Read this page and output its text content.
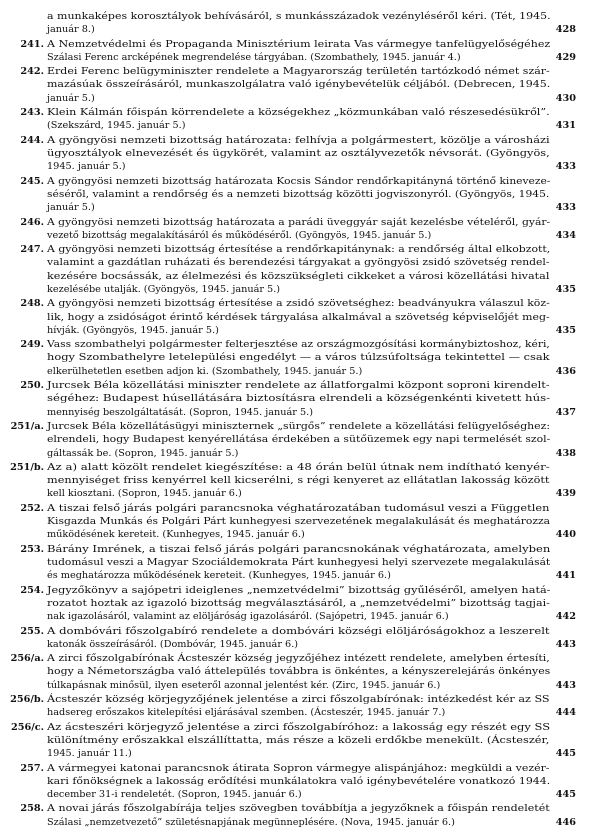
a munkaképes korosztályok behívásáról, s munkásszázadok vezényléséről kéri. (Tét, 1945.
január 8.)	428
241. A Nemzetvédelmi és Propaganda Minisztérium leirata Vas vármegye tanfelügyelőségéhez
Szálasi Ferenc arcképének megrendelése tárgyában. (Szombathely, 1945. január 4.)	429
242. Erdei Ferenc belügyminiszter rendelete a Magyarország területén tartózkodó német szár-
mazásúak összeírásáról, munkaszolgálatra való igénybevételük céljából. (Debrecen, 1945.
január 5.)	430
243. Klein Kálmán főispán körrendelete a községekhez „közmunkában való részesedésükről”.
(Szekszárd, 1945. január 5.)	431
244. A gyöngyösi nemzeti bizottság határozata: felhívja a polgármestert, közölje a városházi
ügyosztályok elnevezését és ügykörét, valamint az osztályvezetők névsorát. (Gyöngyös,
1945. január 5.)	433
245. A gyöngyösi nemzeti bizottság határozata Kocsis Sándor rendőrkapitányná történő kineveze-
séséről, valamint a rendőrség és a nemzeti bizottság közötti jogviszonyról. (Gyöngyös, 1945.
január 5.)	433
246. A gyöngyösi nemzeti bizottság határozata a parádi üveggyár saját kezelésbe vételéről, gyár-
vezető bizottság megalakításáról és működéséről. (Gyöngyös, 1945. január 5.)	434
247. A gyöngyösi nemzeti bizottság értesítése a rendőrkapitánynak: a rendőrség által elkobzott,
valamint a gazdátlan ruházati és berendezési tárgyakat a gyöngyösi zsidó szövetség rendel-
kezésére bocsássák, az élelmezési és közszükségleti cikkeket a városi közellátási hivatal
kezelésébe utalják. (Gyöngyös, 1945. január 5.)	435
248. A gyöngyösi nemzeti bizottság értesítése a zsidó szövetséghez: beadványukra válaszul köz-
lik, hogy a zsidóságot érintő kérdések tárgyalása alkalmával a szövetség képviselőjét meg-
hívják. (Gyöngyös, 1945. január 5.)	435
249. Vass szombathelyi polgármester felterjesztése az országmozgósítási kormánybiztoshoz, kéri,
hogy Szombathelyre letelepülési engedélyt — a város túlzsúfoltsága tekintettel — csak
elkerülhetetlen esetben adjon ki. (Szombathely, 1945. január 5.)	436
250. Jurcsek Béla közellátási miniszter rendelete az állatforgalmi központ soproni kirendelt-
ségéhez: Budapest húsellátására biztosításra elrendeli a községenkénti kivetett hús-
mennyiség beszolgáltatását. (Sopron, 1945. január 5.)	437
251/a. Jurcsek Béla közellátásügyi miniszternek „sürgős” rendelete a közellátási felügyelőséghez:
elrendeli, hogy Budapest kenyérellátása érdekében a sütőüzemek egy napi termelését szol-
gáltassák be. (Sopron, 1945. január 5.)	438
251/b. Az a) alatt közölt rendelet kiegészítése: a 48 órán belül útnak nem indítható kenyér-
mennyiséget friss kenyérrel kell kicserélni, s régi kenyeret az ellátatlan lakosság között
kell kiosztani. (Sopron, 1945. január 6.)	439
252. A tiszai felső járás polgári parancsnoka véghatározatában tudomásul veszi a Független
Kisgazda Munkás és Polgári Párt kunhegyesi szervezetének megalakulását és meghatározza
működésének kereteit. (Kunhegyes, 1945. január 6.)	440
253. Bárány Imrének, a tiszai felső járás polgári parancsnokának véghatározata, amelyben
tudomásul veszi a Magyar Szociáldemokrata Párt kunhegyesi helyi szervezete megalakulását
és meghatározza működésének kereteit. (Kunhegyes, 1945. január 6.)	441
254. Jegyzőkönyv a sajópetri ideiglenes „nemzetvédelmi” bizottság gyűléséről, amelyen hatá-
rozatot hoztak az igazoló bizottság megválasztásáról, a „nemzetvédelmi” bizottság tagjai-
nak igazolásáról, valamint az elöljáróság igazolásáról. (Sajópetri, 1945. január 6.)	442
255. A dombóvári főszolgabíró rendelete a dombóvári községi elöljáróságokhoz a leszerelt
katonák összeírásáról. (Dombóvár, 1945. január 6.)	443
256/a. A zirci főszolgabírónak Ácsteszér község jegyzőjéhez intézett rendelete, amelyben értesíti,
hogy a Németországba való áttelepülés továbbra is önkéntes, a kényszerelejárás önkényes
túlkapásnak minősül, ilyen eseteről azonnal jelentést kér. (Zirc, 1945. január 6.)	443
256/b. Ácsteszér község körjegyzőjének jelentése a zirci főszolgabírónak: intézkedést kér az SS
hadsereg erőszakos kitelepítési eljárásával szemben. (Ácsteszér, 1945. január 7.)	444
256/c. Az ácsteszéri körjegyző jelentése a zirci főszolgabíróhoz: a lakosság egy részét egy SS
különítmény erőszakkal elszállíttatta, más része a közeli erdőkbe menekült. (Ácsteszér,
1945. január 11.)	445
257. A vármegyei katonai parancsnok átirata Sopron vármegye alispánjához: megküldi a vezér-
kari főnökségnek a lakosság erődítési munkálatokra való igénybevételére vonatkozó 1944.
december 31-i rendeletét. (Sopron, 1945. január 6.)	445
258. A novai járás főszolgabírája teljes szövegben továbbítja a jegyzőknek a főispán rendeletét
Szálasi „nemzetvezető” születésnapjának megünneplésére. (Nova, 1945. január 6.)	446
